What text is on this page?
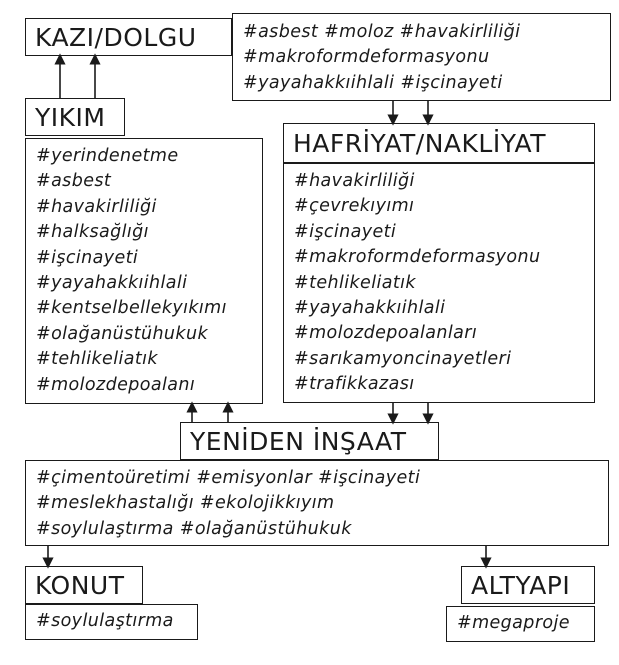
KAZI/DOLGU	#asbest #moloz #havakirliliği
#makroformdeformasyonu
#yayahakkıihlali #işcinayeti
YIKIM
#yerindenetme
#asbest
#havakirliliği
#halksağlığı
#işcinayeti
#yayahakkıihlali
#kentselbellekyıkımı
#olağanüstühukuk
#tehlikeliatık
#molozdepoalanı
HAFRİYAT/NAKLİYAT
#havakirliliği
#çevrekıyımı
#işcinayeti
#makroformdeformasyonu
#tehlikeliatık
#yayahakkıihlali
#molozdepoalanları
#sarıkamyoncinayetleri
#trafikkazası
YENİDEN İNŞAAT
#çimentoüretimi #emisyonlar #işcinayeti
#meslekhastalığı #ekolojikkıyım
#soylulaştırma #olağanüstühukuk
KONUT
#soylulaştırma
ALTYAPI
#megaproje
